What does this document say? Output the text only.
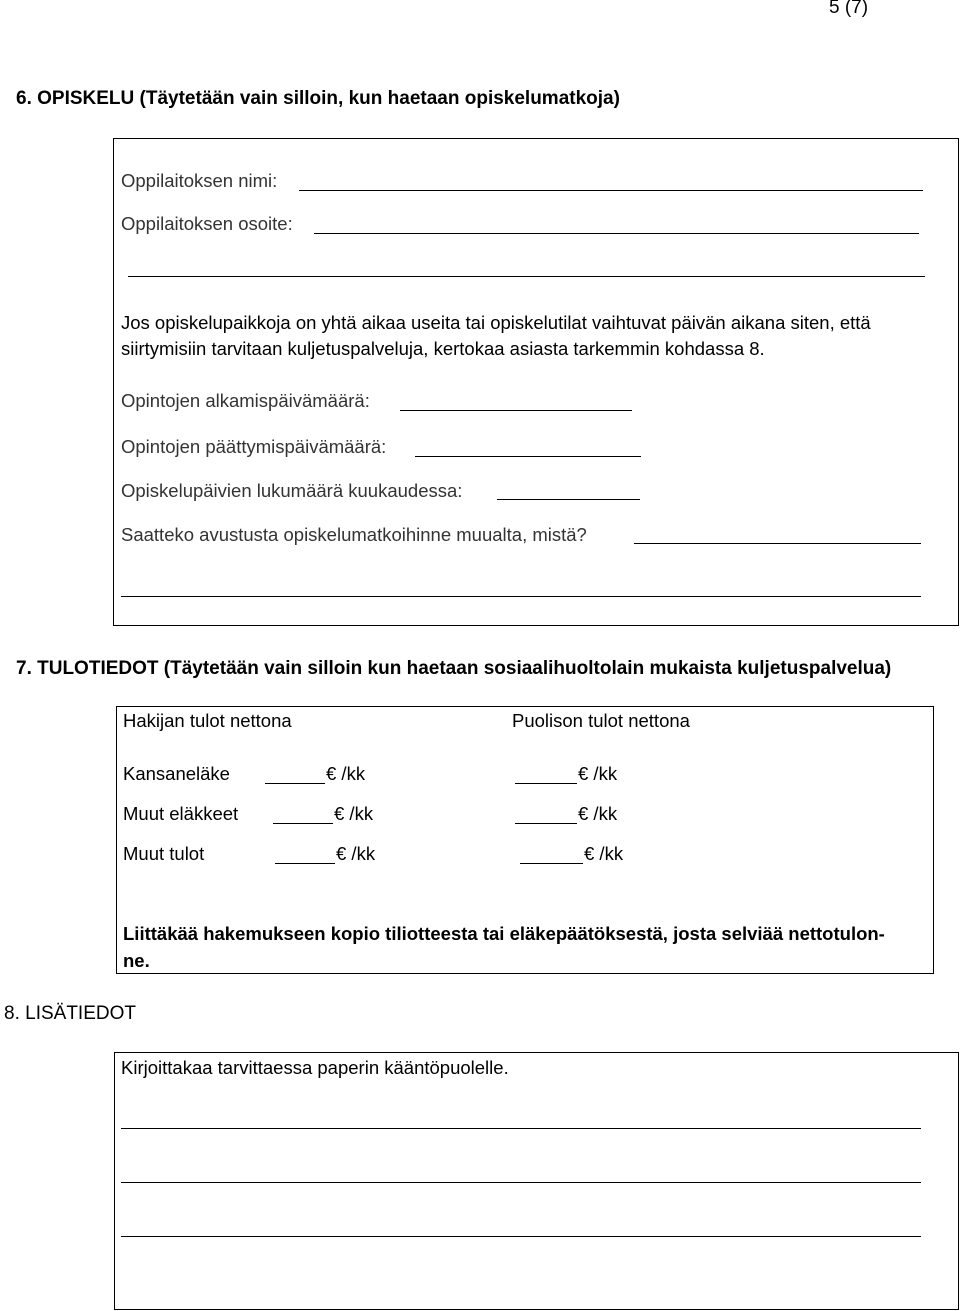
5 (7)
6. OPISKELU (Täytetään vain silloin, kun haetaan opiskelumatkoja)
Oppilaitoksen nimi:
Oppilaitoksen osoite:
Jos opiskelupaikkoja on yhtä aikaa useita tai opiskelutilat vaihtuvat päivän aikana siten, että
siirtymisiin tarvitaan kuljetuspalveluja, kertokaa asiasta tarkemmin kohdassa 8.
Opintojen alkamispäivämäärä:
Opintojen päättymispäivämäärä:
Opiskelupäivien lukumäärä kuukaudessa:
Saatteko avustusta opiskelumatkoihinne muualta, mistä?
7. TULOTIEDOT (Täytetään vain silloin kun haetaan sosiaalihuoltolain mukaista kuljetuspalvelua)
Hakijan tulot nettona	Puolison tulot nettona
Kansaneläke	€ /kk	€ /kk
Muut eläkkeet	€ /kk	€ /kk
Muut tulot	€ /kk	€ /kk
Liittäkää hakemukseen kopio tiliotteesta tai eläkepäätöksestä, josta selviää nettotulon-
ne.
8. LISÄTIEDOT
Kirjoittakaa tarvittaessa paperin kääntöpuolelle.
